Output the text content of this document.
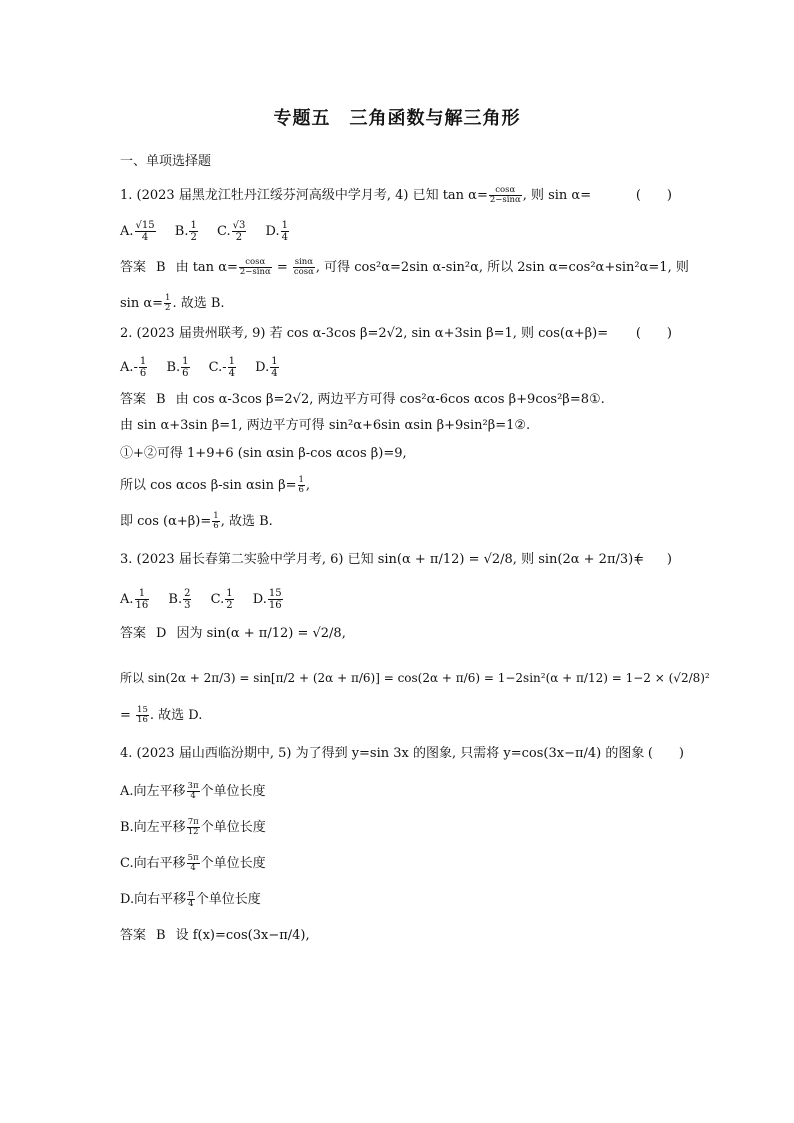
专题五　三角函数与解三角形
一、单项选择题
1. (2023 届黑龙江牡丹江绥芬河高级中学月考, 4) 已知 $\tan \alpha= \frac{\cos\alpha}{2-\sin\alpha}$ , 则 sin α=	(　　)
A. $\frac{√15}{4} B$. $\frac{1}{2} C$. $\frac{√3}{2} D$. $\frac{1}{4}$
答案 B 由 $\tan \alpha= \frac{\cos\alpha}{2-\sin\alpha} = \frac{\sin\alpha}{\cos\alpha}$ , 可得 cos²α=2sin α-sin²α, 所以 2sin α=cos²α+sin²α=1, 则
$\sin \alpha= \frac{1}{2}$ . 故选 B.
2. (2023 届贵州联考, 9) 若 cos α-3cos β=2√2, sin α+3sin β=1, 则 cos(α+β)= (　　)
$A.- \frac{1}{6} B$. $\frac{1}{6} C.- \frac{1}{4} D$. $\frac{1}{4}$
答案 B 由 cos α-3cos β=2√2, 两边平方可得 cos²α-6cos αcos β+9cos²β=8①.
由 sin α+3sin β=1, 两边平方可得 sin²α+6sin αsin β+9sin²β=1②.
①+②可得 1+9+6 (sin αsin β-cos αcos β)=9,
所以 cos αcos β-sin αsin $\beta= \frac{1}{6}$ ,
即 $\cos (\alpha+\beta)= \frac{1}{6}$ , 故选 B.
3. (2023 届长春第二实验中学月考, 6) 已知 sin(α + π/12) = √2/8, 则 sin(2α + 2π/3)=
(　　)
A. $\frac{1}{16} B$. $\frac{2}{3} C$. $\frac{1}{2} D$. $\frac{15}{16}$
答案 D 因为 sin(α + π/12) = √2/8,
所以 sin(2α + 2π/3) = sin[π/2 + (2α + π/6)] = cos(2α + π/6) = 1−2sin²(α + π/12) = 1−2 × (√2/8)²
= $\frac{15}{16}$ . 故选 D.
4. (2023 届山西临汾期中, 5) 为了得到 y=sin 3x 的图象, 只需将 y=cos(3x−π/4) 的图象 (　　)
A.向左平移 $\frac{3\pi}{4}$ 个单位长度
B.向左平移 $\frac{7\pi}{12}$ 个单位长度
C.向右平移 $\frac{5\pi}{4}$ 个单位长度
D.向右平移 $\frac{\pi}{4}$ 个单位长度
答案 B 设 f(x)=cos(3x−π/4),
